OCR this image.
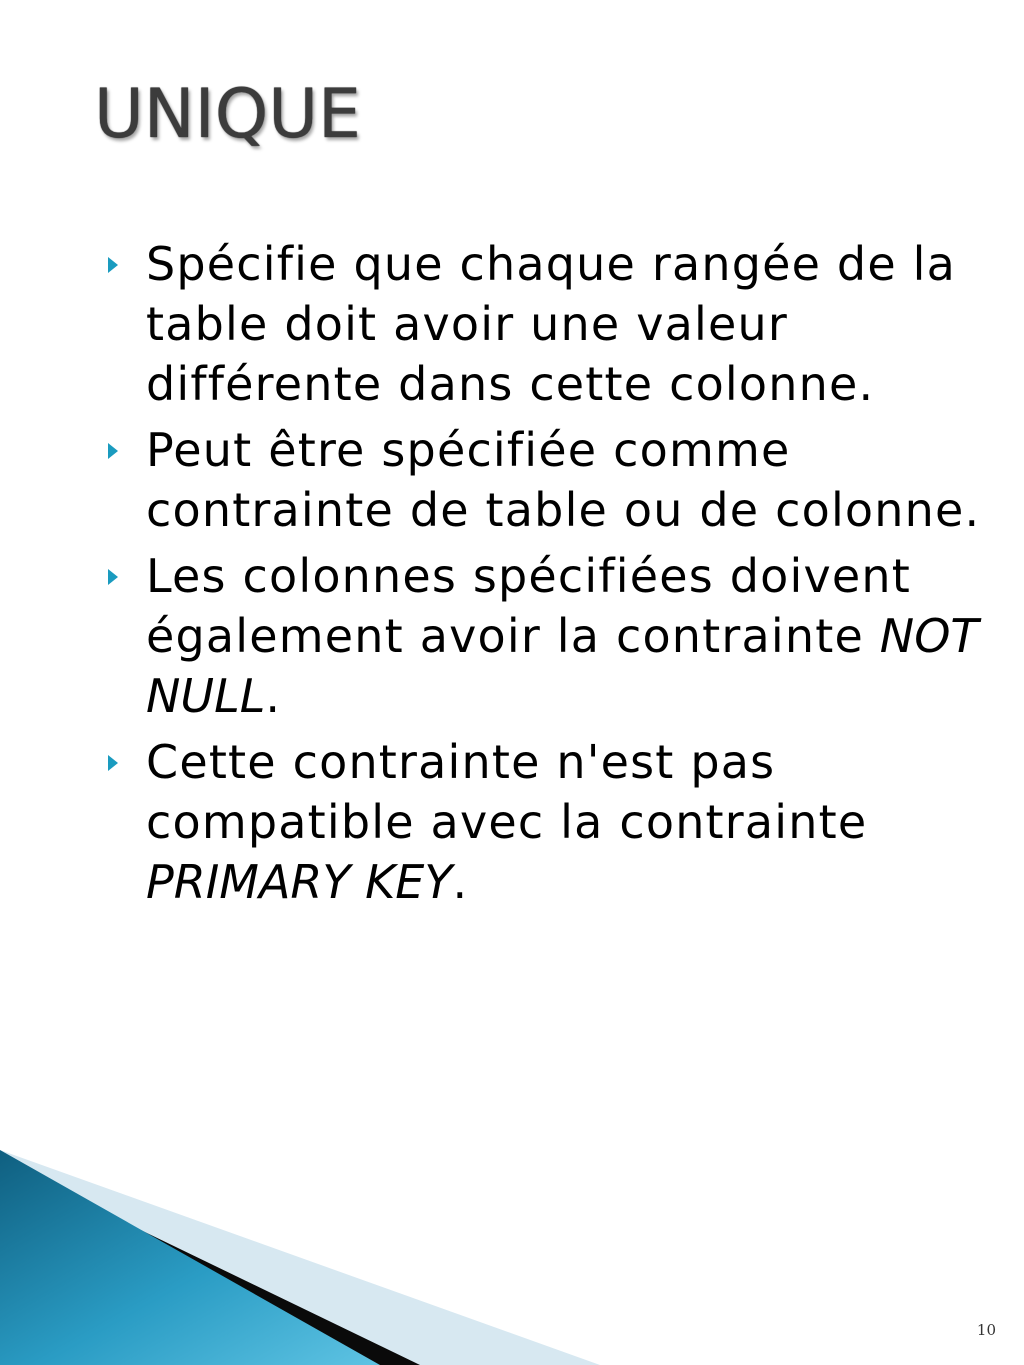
UNIQUE
Spécifie que chaque rangée de la table doit avoir une valeur différente dans cette colonne.
Peut être spécifiée comme contrainte de table ou de colonne.
Les colonnes spécifiées doivent également avoir la contrainte NOT NULL.
Cette contrainte n'est pas compatible avec la contrainte PRIMARY KEY.
10
